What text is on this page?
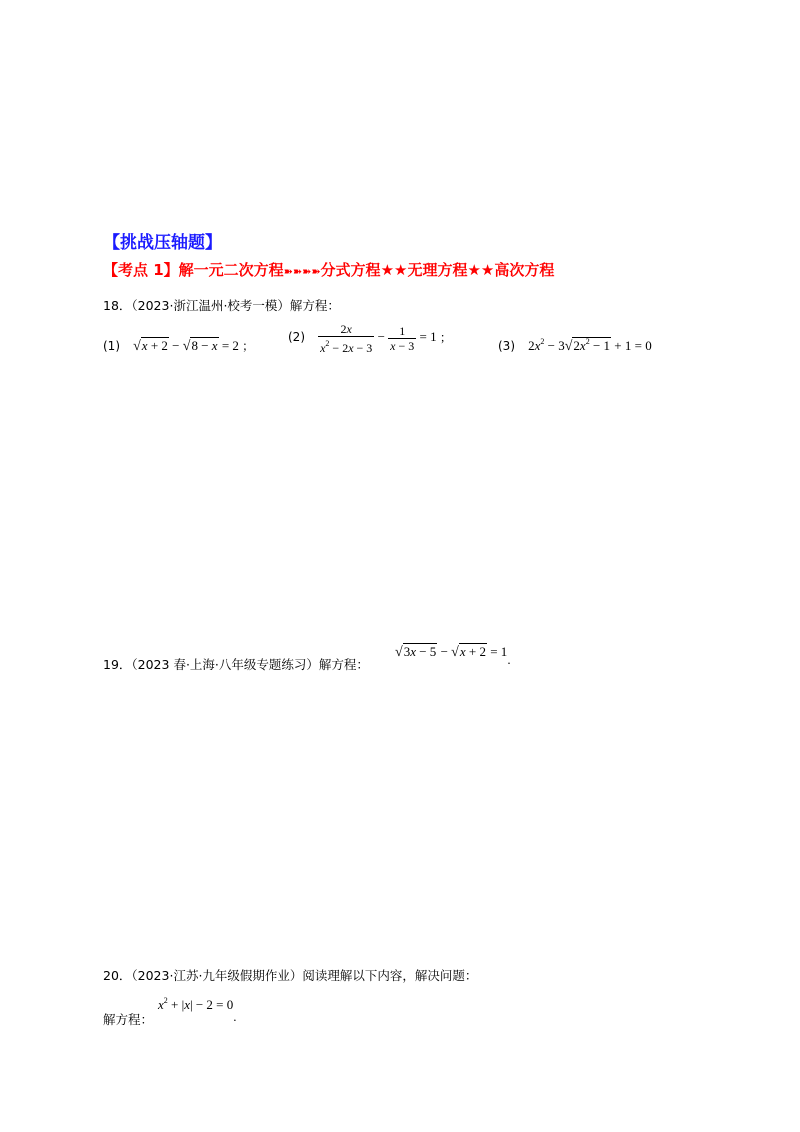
【挑战压轴题】
【考点 1】解一元二次方程➽➽➽➽分式方程★★无理方程★★高次方程
18．（2023·浙江温州·校考一模）解方程：
(1) √x + 2 − √8 − x = 2 ；
$(2) \frac{2x}{x^2 - 2x - 3} - \frac{1}{x - 3} = 1$ ；
(3) $2x^2 - 3√2x^2 - 1 + 1 = 0$
19．（2023 春·上海·八年级专题练习）解方程：
√3x − 5 − √x + 2 = 1.
20．（2023·江苏·九年级假期作业）阅读理解以下内容，解决问题：
解方程：
$x^2 + |x| - 2 = 0$.
